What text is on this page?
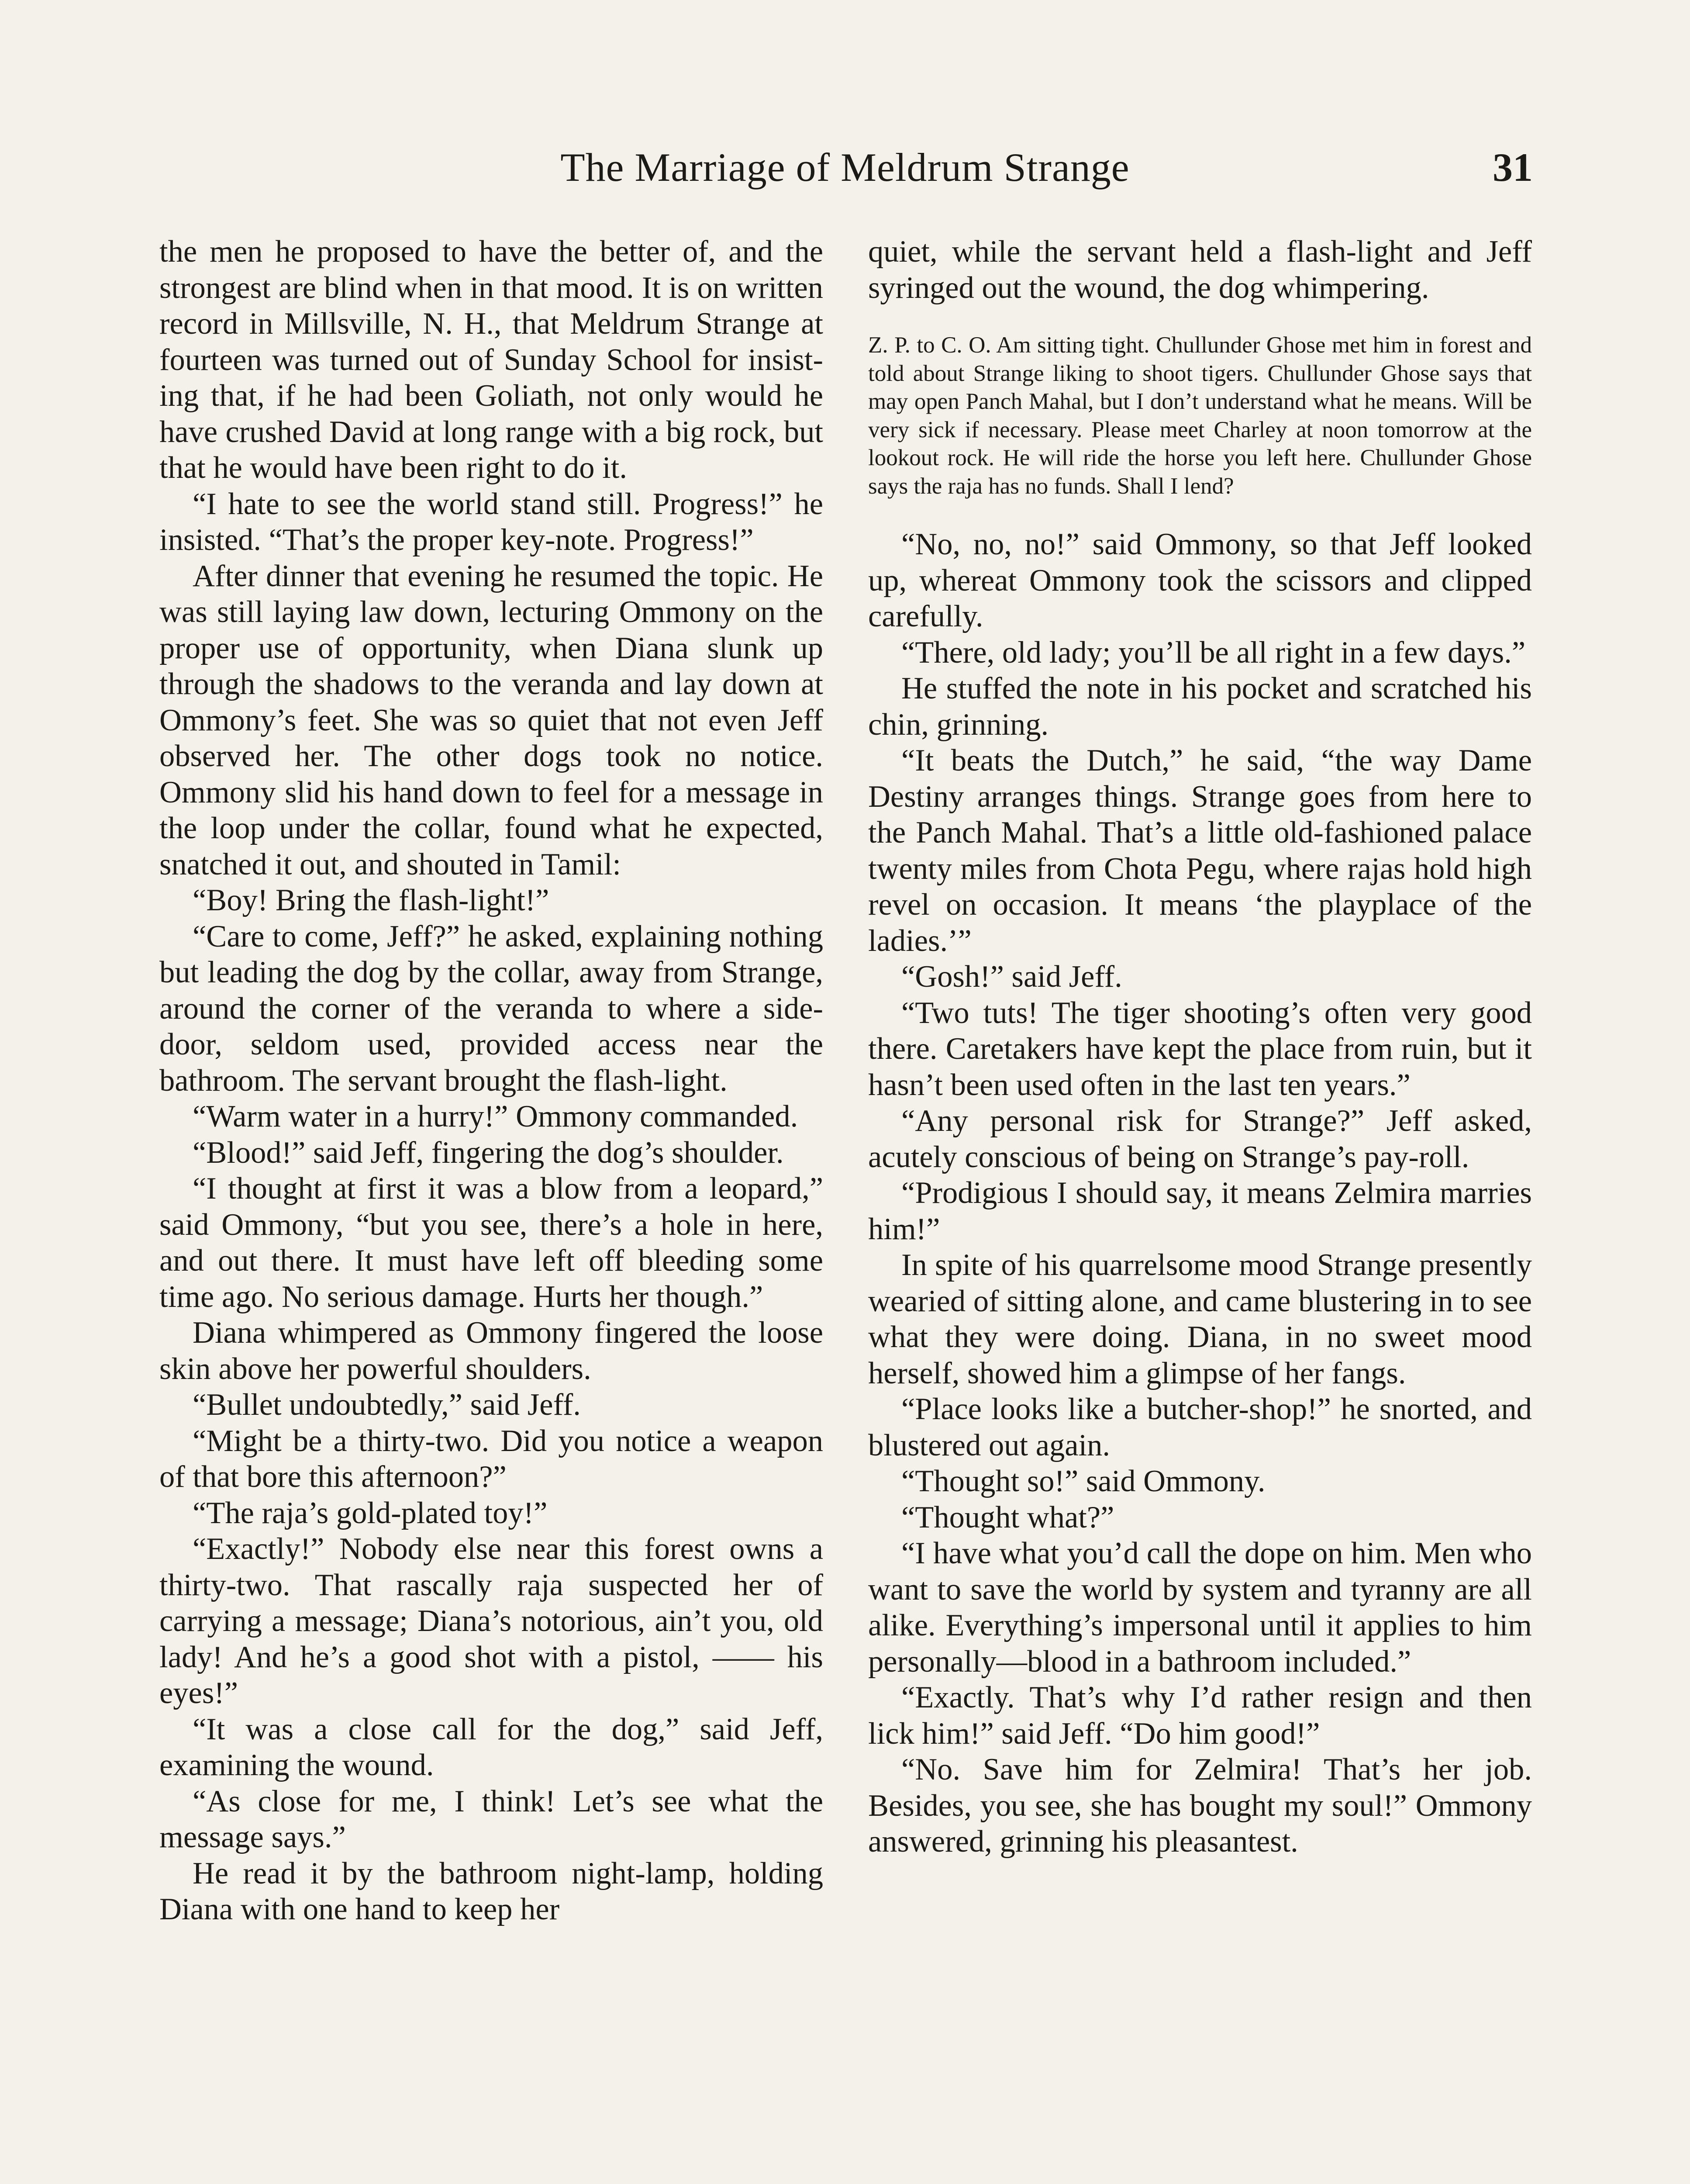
The Marriage of Meldrum Strange	31

the men he proposed to have the better of, and the strongest are blind when in that mood. It is on written record in Millsville, N. H., that Meldrum Strange at fourteen was turned out of Sunday School for insisting that, if he had been Goliath, not only would he have crushed David at long range with a big rock, but that he would have been right to do it.

“I hate to see the world stand still. Progress!” he insisted. “That’s the proper key-note. Progress!”

After dinner that evening he resumed the topic. He was still laying law down, lecturing Ommony on the proper use of opportunity, when Diana slunk up through the shadows to the veranda and lay down at Ommony’s feet. She was so quiet that not even Jeff observed her. The other dogs took no notice. Ommony slid his hand down to feel for a message in the loop under the collar, found what he expected, snatched it out, and shouted in Tamil:

“Boy! Bring the flash-light!”

“Care to come, Jeff?” he asked, explaining nothing but leading the dog by the collar, away from Strange, around the corner of the veranda to where a side-door, seldom used, provided access near the bathroom. The servant brought the flash-light.

“Warm water in a hurry!” Ommony commanded.

“Blood!” said Jeff, fingering the dog’s shoulder.

“I thought at first it was a blow from a leopard,” said Ommony, “but you see, there’s a hole in here, and out there. It must have left off bleeding some time ago. No serious damage. Hurts her though.”

Diana whimpered as Ommony fingered the loose skin above her powerful shoulders.

“Bullet undoubtedly,” said Jeff.

“Might be a thirty-two. Did you notice a weapon of that bore this afternoon?”

“The raja’s gold-plated toy!”

“Exactly!” Nobody else near this forest owns a thirty-two. That rascally raja suspected her of carrying a message; Diana’s notorious, ain’t you, old lady! And he’s a good shot with a pistol, —— his eyes!”

“It was a close call for the dog,” said Jeff, examining the wound.

“As close for me, I think! Let’s see what the message says.”

He read it by the bathroom night-lamp, holding Diana with one hand to keep her

quiet, while the servant held a flash-light and Jeff syringed out the wound, the dog whimpering.

Z. P. to C. O. Am sitting tight. Chullunder Ghose met him in forest and told about Strange liking to shoot tigers. Chullunder Ghose says that may open Panch Mahal, but I don’t understand what he means. Will be very sick if necessary. Please meet Charley at noon tomorrow at the lookout rock. He will ride the horse you left here. Chullunder Ghose says the raja has no funds. Shall I lend?

“No, no, no!” said Ommony, so that Jeff looked up, whereat Ommony took the scissors and clipped carefully.

“There, old lady; you’ll be all right in a few days.”

He stuffed the note in his pocket and scratched his chin, grinning.

“It beats the Dutch,” he said, “the way Dame Destiny arranges things. Strange goes from here to the Panch Mahal. That’s a little old-fashioned palace twenty miles from Chota Pegu, where rajas hold high revel on occasion. It means ‘the playplace of the ladies.’”

“Gosh!” said Jeff.

“Two tuts! The tiger shooting’s often very good there. Caretakers have kept the place from ruin, but it hasn’t been used often in the last ten years.”

“Any personal risk for Strange?” Jeff asked, acutely conscious of being on Strange’s pay-roll.

“Prodigious I should say, it means Zelmira marries him!”

In spite of his quarrelsome mood Strange presently wearied of sitting alone, and came blustering in to see what they were doing. Diana, in no sweet mood herself, showed him a glimpse of her fangs.

“Place looks like a butcher-shop!” he snorted, and blustered out again.

“Thought so!” said Ommony.

“Thought what?”

“I have what you’d call the dope on him. Men who want to save the world by system and tyranny are all alike. Everything’s impersonal until it applies to him personally—blood in a bathroom included.”

“Exactly. That’s why I’d rather resign and then lick him!” said Jeff. “Do him good!”

“No. Save him for Zelmira! That’s her job. Besides, you see, she has bought my soul!” Ommony answered, grinning his pleasantest.
